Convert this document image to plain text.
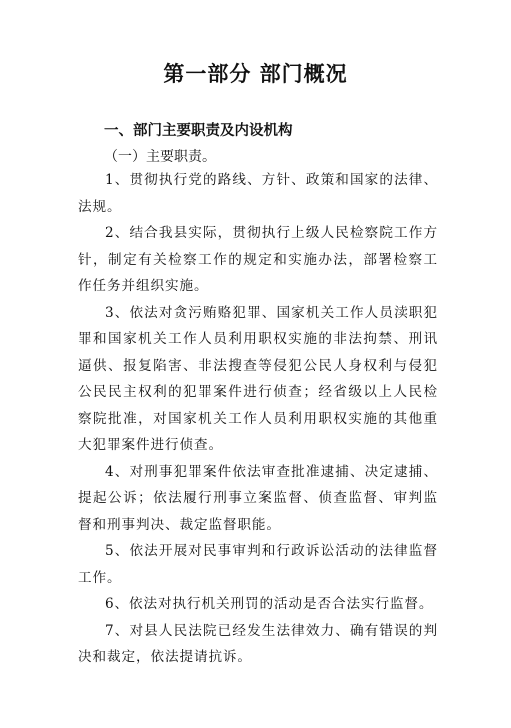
第一部分 部门概况
一、部门主要职责及内设机构
（一）主要职责。

1、贯彻执行党的路线、方针、政策和国家的法律、法规。

2、结合我县实际，贯彻执行上级人民检察院工作方针，制定有关检察工作的规定和实施办法，部署检察工作任务并组织实施。

3、依法对贪污贿赂犯罪、国家机关工作人员渎职犯罪和国家机关工作人员利用职权实施的非法拘禁、刑讯逼供、报复陷害、非法搜查等侵犯公民人身权利与侵犯公民民主权利的犯罪案件进行侦查；经省级以上人民检察院批准，对国家机关工作人员利用职权实施的其他重大犯罪案件进行侦查。

4、对刑事犯罪案件依法审查批准逮捕、决定逮捕、提起公诉；依法履行刑事立案监督、侦查监督、审判监督和刑事判决、裁定监督职能。

5、依法开展对民事审判和行政诉讼活动的法律监督工作。

6、依法对执行机关刑罚的活动是否合法实行监督。

7、对县人民法院已经发生法律效力、确有错误的判决和裁定，依法提请抗诉。
